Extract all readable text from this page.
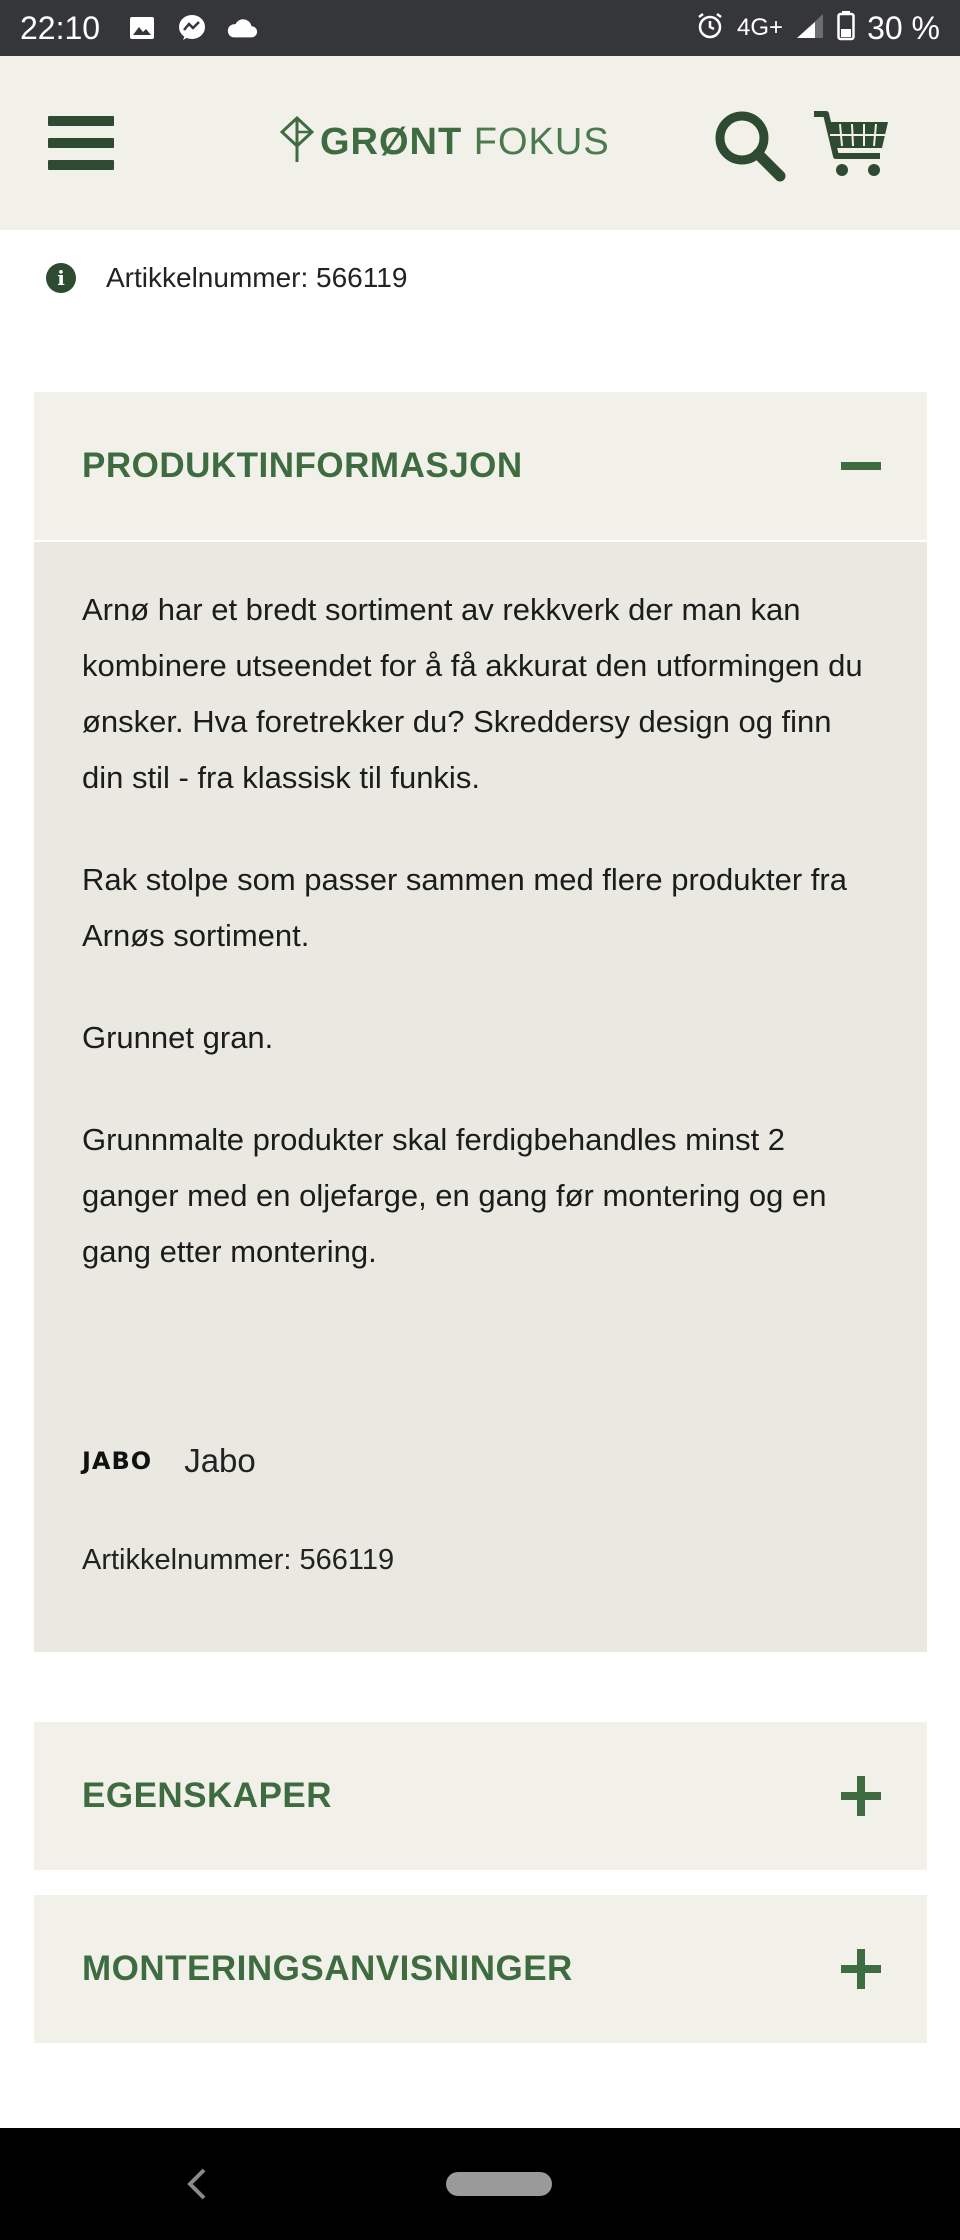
22:10	4G+	30 %
GRØNT FOKUS
i	Artikkelnummer: 566119
PRODUKTINFORMASJON

Arnø har et bredt sortiment av rekkverk der man kan kombinere utseendet for å få akkurat den utformingen du ønsker. Hva foretrekker du? Skreddersy design og finn din stil - fra klassisk til funkis.

Rak stolpe som passer sammen med flere produkter fra Arnøs sortiment.

Grunnet gran.

Grunnmalte produkter skal ferdigbehandles minst 2 ganger med en oljefarge, en gang før montering og en gang etter montering.

JABO Jabo
Artikkelnummer: 566119
EGENSKAPER
MONTERINGSANVISNINGER
